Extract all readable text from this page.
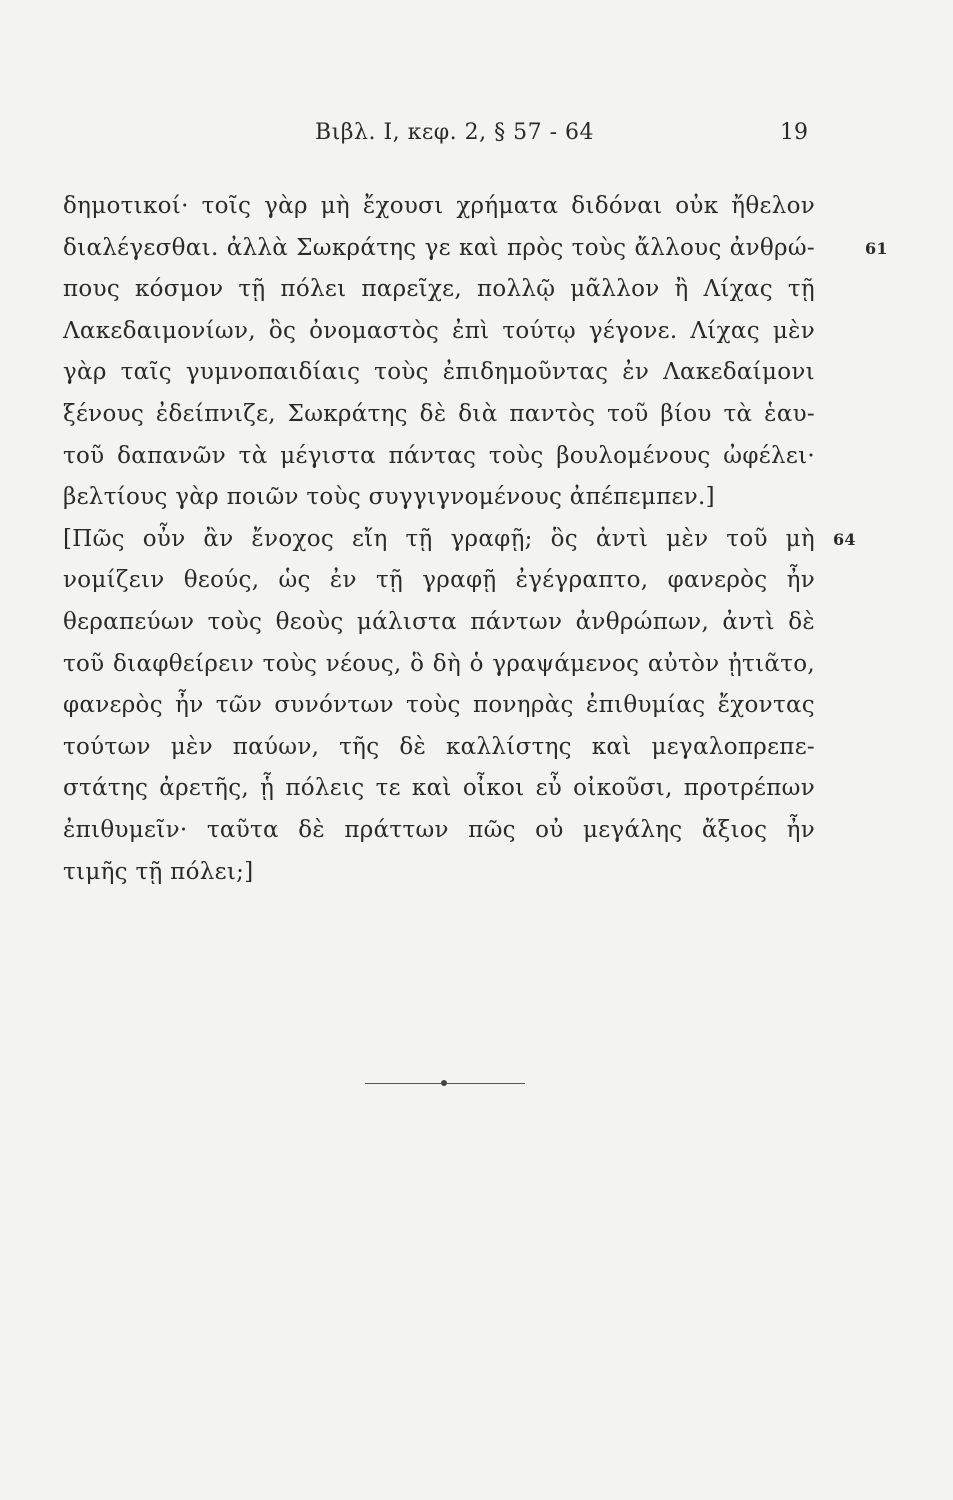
Βιβλ. Ι, κεφ. 2, § 57 - 64	19
δημοτικοί· τοῖς γὰρ μὴ ἔχουσι χρήματα διδόναι οὐκ ἤθελον
διαλέγεσθαι. ἀλλὰ Σωκράτης γε καὶ πρὸς τοὺς ἄλλους ἀνθρώ-	61
πους κόσμον τῇ πόλει παρεῖχε, πολλῷ μᾶλλον ἢ Λίχας τῇ
Λακεδαιμονίων, ὃς ὀνομαστὸς ἐπὶ τούτῳ γέγονε. Λίχας μὲν
γὰρ ταῖς γυμνοπαιδίαις τοὺς ἐπιδημοῦντας ἐν Λακεδαίμονι
ξένους ἐδείπνιζε, Σωκράτης δὲ διὰ παντὸς τοῦ βίου τὰ ἑαυ-
τοῦ δαπανῶν τὰ μέγιστα πάντας τοὺς βουλομένους ὠφέλει·
βελτίους γὰρ ποιῶν τοὺς συγγιγνομένους ἀπέπεμπεν.]
[Πῶς οὖν ἂν ἔνοχος εἴη τῇ γραφῇ; ὃς ἀντὶ μὲν τοῦ μὴ 64
νομίζειν θεούς, ὡς ἐν τῇ γραφῇ ἐγέγραπτο, φανερὸς ἦν
θεραπεύων τοὺς θεοὺς μάλιστα πάντων ἀνθρώπων, ἀντὶ δὲ
τοῦ διαφθείρειν τοὺς νέους, ὃ δὴ ὁ γραψάμενος αὐτὸν ᾐτιᾶτο,
φανερὸς ἦν τῶν συνόντων τοὺς πονηρὰς ἐπιθυμίας ἔχοντας
τούτων μὲν παύων, τῆς δὲ καλλίστης καὶ μεγαλοπρεπε-
στάτης ἀρετῆς, ᾗ πόλεις τε καὶ οἶκοι εὖ οἰκοῦσι, προτρέπων
ἐπιθυμεῖν· ταῦτα δὲ πράττων πῶς οὐ μεγάλης ἄξιος ἦν
τιμῆς τῇ πόλει;]
